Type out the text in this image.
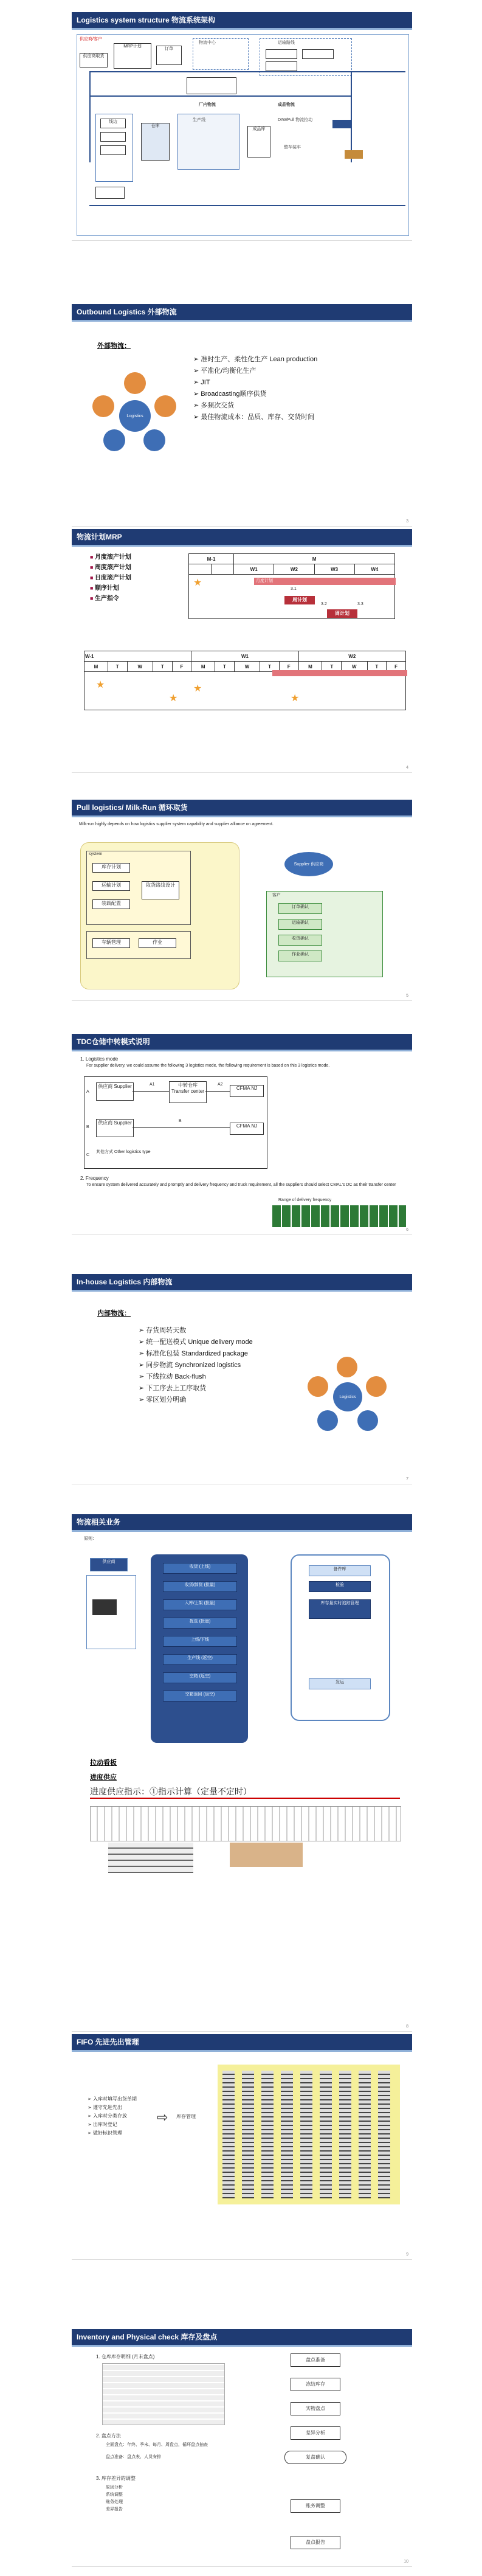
Logistics system structure 物流系统架构
供应商/客户
供应商取货
MRP计划
订单
物流中心	运输路线
厂内物流	成品物流
线边
仓库
生产线
成品库
DIW/Pull 物流拉动
整车装车
Outbound Logistics 外部物流
外部物流：
➢ 准时生产、柔性化生产 Lean production
➢ 平准化/均衡化生产
➢ JIT
➢ Broadcasting顺序供货
➢ 多频次交货
➢ 最佳物流成本：品质、库存、交货时间
Logistics
3
物流计划MRP
■ 月度滚产计划
■ 周度滚产计划
■ 日度滚产计划
■ 顺序计划
■ 生产指令
M-1		M			
		W1	W2	W3	W4

★	月度计划
3.1
周计划
3.2
周计划
3.3
W-1					W1					W2				
M	T	W	T	F	M	T	W	T	F	M	T	W	T	F

★
★
★
★
4
Pull logistics/ Milk-Run 循环取货
Milk-run highly depends on how logistics supplier system capability and supplier alliance on agreement.
system
库存计划
运输计划
装载配置
取货路线设计
车辆管理	作业
Supplier 供应商
客户
订单确认
运输确认
收货确认
作业确认
5
TDC仓储中转模式说明
1. Logistics mode
For supplier delivery, we could assume the following 3 logistics mode, the following requirement is based on this 3 logistics mode.
A
B
C
供应商 Supplier	A1	中转仓库 Transfer center
A2
CFMA NJ
供应商 Supplier	B
CFMA NJ
其他方式 Other logistics type
2. Frequency
To ensure system delivered accurately and promptly and delivery frequency and truck requirement, all the suppliers should select CMAL's DC as their transfer center
Range of delivery frequency
6
In-house Logistics 内部物流
内部物流：
➢ 存货周转天数
➢ 统一配送模式 Unique delivery mode
➢ 标准化包装 Standardized package
➢ 同步物流 Synchronized logistics
➢ 下线拉动 Back-flush
➢ 下工序去上工序取货
➢ 零区划分明确	Logistics
7
物流相关业务
原则：
供应商
收货 (上线)
收货/卸货 (批量)
入库/上架 (批量)
拣选 (批量)
上线/下线
生产线 (返空)
空箱 (返空)
空箱返回 (返空)
备件库
检验
库存量实时追踪管理
发运
拉动看板
进度供应
进度供应指示：①指示计算（定量不定时）
8
FIFO 先进先出管理
➢ 入库时填写出货单期
➢ 遵守先进先出
➢ 入库时分类存放
➢ 出库时登记
➢ 做好标识管理
⇨ 库存管理
9
Inventory and Physical check 库存及盘点
1. 仓库库存明细 (月末盘点)
2. 盘点方法
全面盘点：年终、季末、每月、周盘点，循环盘点抽查
盘点准备：盘点表、人员安排
3. 库存差异的调整
原因分析
系统调整
账务处理
差异报告
盘点准备
冻结库存
实物盘点
差异分析
复盘确认
账务调整
盘点报告
10
